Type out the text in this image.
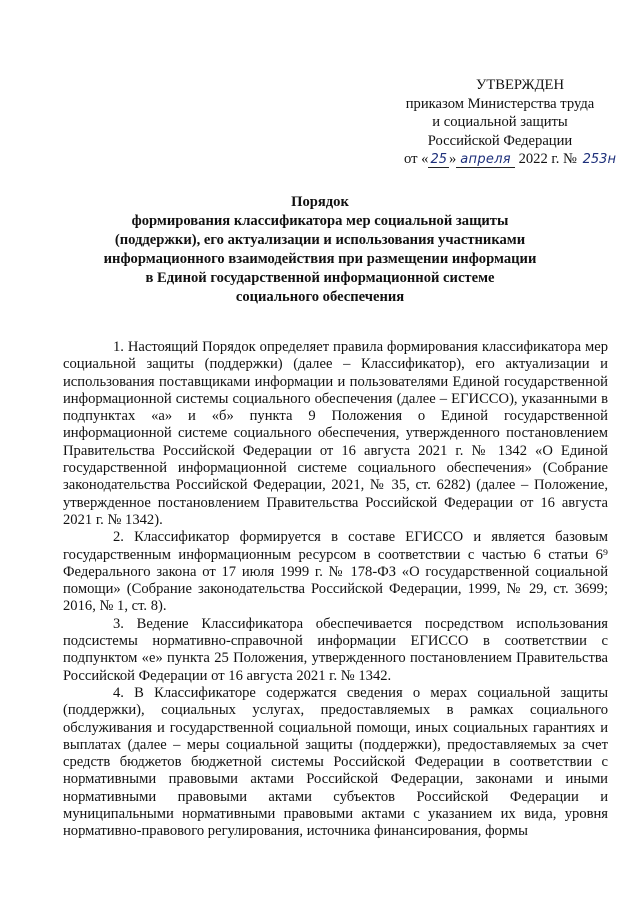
УТВЕРЖДЕН
приказом Министерства труда
и социальной защиты
Российской Федерации
от « 25 » апреля 2022 г. № 253н
Порядок
формирования классификатора мер социальной защиты
(поддержки), его актуализации и использования участниками
информационного взаимодействия при размещении информации
в Единой государственной информационной системе
социального обеспечения

1. Настоящий Порядок определяет правила формирования классификатора мер социальной защиты (поддержки) (далее – Классификатор), его актуализации и использования поставщиками информации и пользователями Единой государственной информационной системы социального обеспечения (далее – ЕГИССО), указанными в подпунктах «а» и «б» пункта 9 Положения о Единой государственной информационной системе социального обеспечения, утвержденного постановлением Правительства Российской Федерации от 16 августа 2021 г. № 1342 «О Единой государственной информационной системе социального обеспечения» (Собрание законодательства Российской Федерации, 2021, № 35, ст. 6282) (далее – Положение, утвержденное постановлением Правительства Российской Федерации от 16 августа 2021 г. № 1342).

2. Классификатор формируется в составе ЕГИССО и является базовым государственным информационным ресурсом в соответствии с частью 6 статьи 6⁹ Федерального закона от 17 июля 1999 г. № 178-ФЗ «О государственной социальной помощи» (Собрание законодательства Российской Федерации, 1999, № 29, ст. 3699; 2016, № 1, ст. 8).

3. Ведение Классификатора обеспечивается посредством использования подсистемы нормативно-справочной информации ЕГИССО в соответствии с подпунктом «е» пункта 25 Положения, утвержденного постановлением Правительства Российской Федерации от 16 августа 2021 г. № 1342.

4. В Классификаторе содержатся сведения о мерах социальной защиты (поддержки), социальных услугах, предоставляемых в рамках социального обслуживания и государственной социальной помощи, иных социальных гарантиях и выплатах (далее – меры социальной защиты (поддержки), предоставляемых за счет средств бюджетов бюджетной системы Российской Федерации в соответствии с нормативными правовыми актами Российской Федерации, законами и иными нормативными правовыми актами субъектов Российской Федерации и муниципальными нормативными правовыми актами с указанием их вида, уровня нормативно-правового регулирования, источника финансирования, формы
